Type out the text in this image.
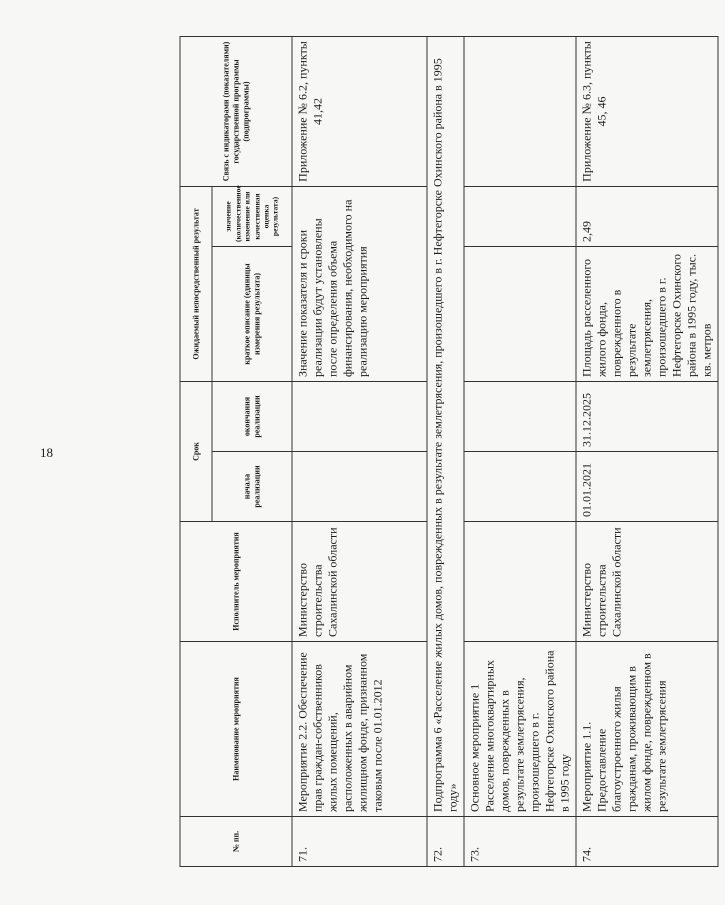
18
№ пп.	Наименование мероприятия	Исполнитель мероприятия	Срок		Ожидаемый непосредственный результат		Связь с индикаторами (показателями) государственной программы (подпрограммы)
			начала реализации	окончания реализации	краткое описание (единицы измерения результата)	значение (количественное изменение или качественная оценка результата)	
71.	Мероприятие 2.2. Обеспечение прав граждан-собственников жилых помещений, расположенных в аварийном жилищном фонде, признанном таковым после 01.01.2012	Министерство строительства Сахалинской области			Значение показателя и сроки реализации будут установлены после определения объема финансирования, необходимого на реализацию мероприятия		Приложение № 6.2, пункты 41,42
72.	Подпрограмма 6 «Расселение жилых домов, поврежденных в результате землетрясения, произошедшего в г. Нефтегорске Охинского района в 1995 году»						
73.	Основное мероприятие 1
Расселение многоквартирных домов, поврежденных в результате землетрясения, произошедшего в г. Нефтегорске Охинского района в 1995 году						
74.	Мероприятие 1.1. Предоставление благоустроенного жилья гражданам, проживающим в жилом фонде, поврежденном в результате землетрясения	Министерство строительства Сахалинской области	01.01.2021	31.12.2025	Площадь расселенного жилого фонда, поврежденного в результате землетрясения, произошедшего в г. Нефтегорске Охинского района в 1995 году, тыс. кв. метров	2,49	Приложение № 6.3, пункты 45, 46
